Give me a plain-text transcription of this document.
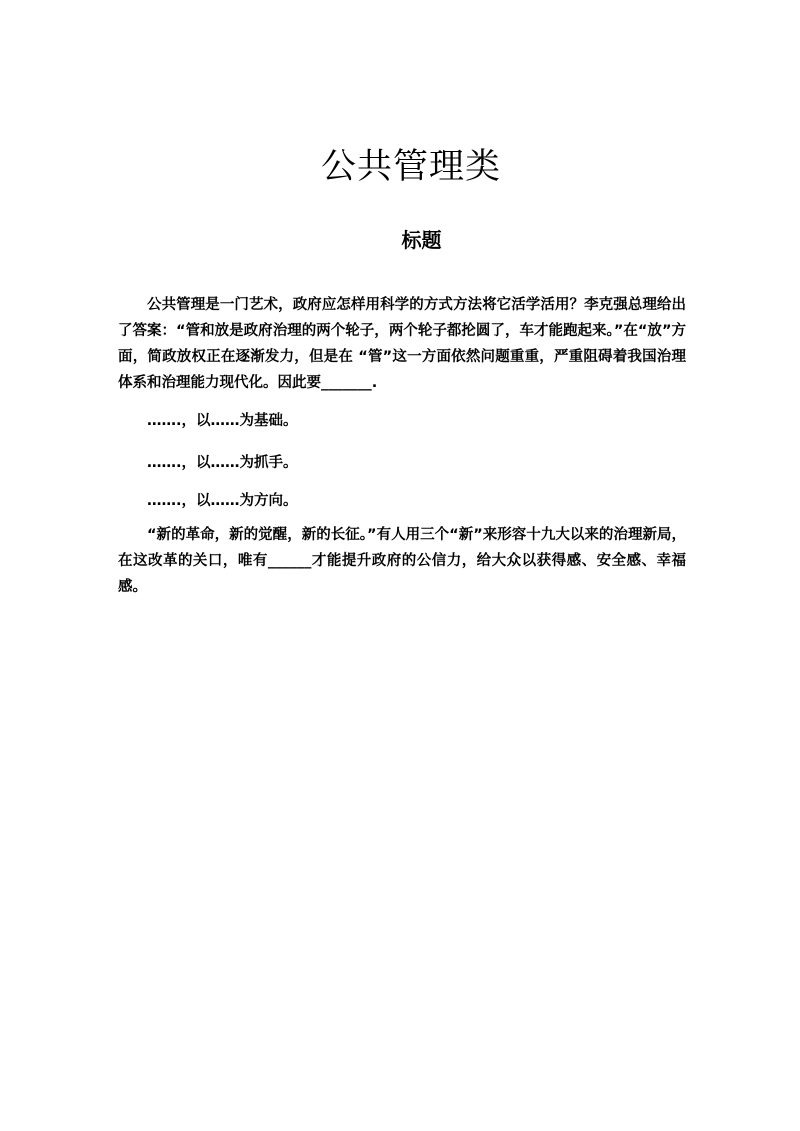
公共管理类
标题

公共管理是一门艺术，政府应怎样用科学的方式方法将它活学活用？李克强总理给出了答案：“管和放是政府治理的两个轮子，两个轮子都抡圆了，车才能跑起来。”在“放”方面，简政放权正在逐渐发力，但是在 “管”这一方面依然问题重重，严重阻碍着我国治理体系和治理能力现代化。因此要_______.

…….，以……为基础。

…….，以……为抓手。

…….，以……为方向。

“新的革命，新的觉醒，新的长征。”有人用三个“新”来形容十九大以来的治理新局，在这改革的关口，唯有______才能提升政府的公信力，给大众以获得感、安全感、幸福感。
